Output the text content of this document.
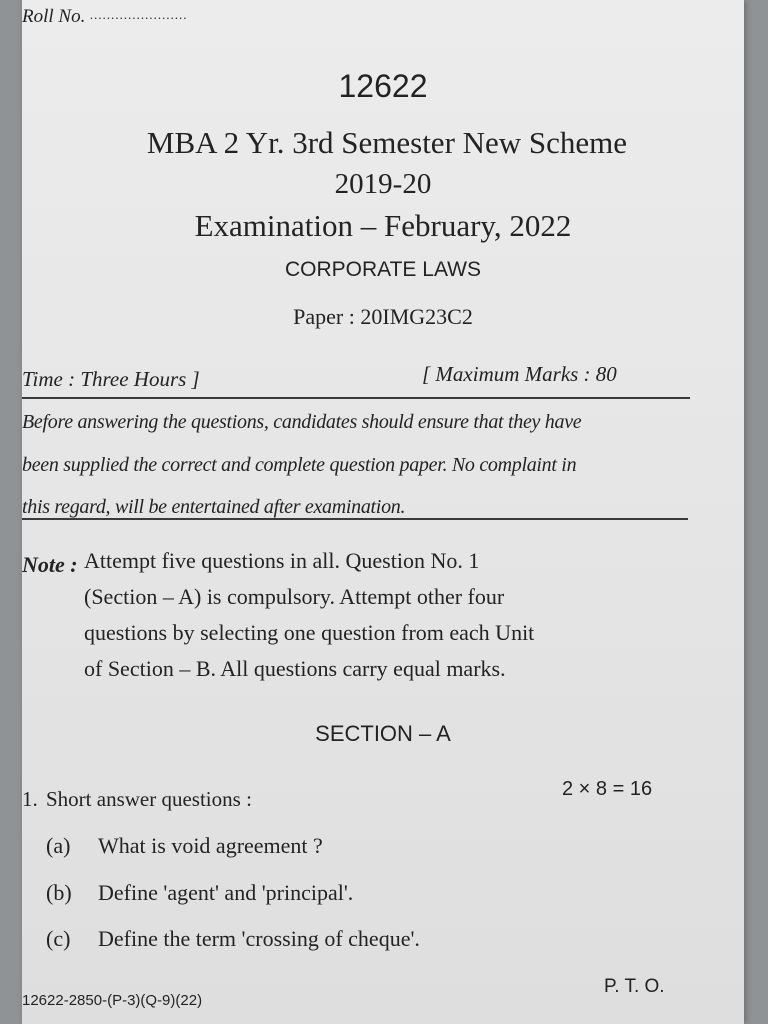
Roll No. .......................
12622
MBA 2 Yr. 3rd Semester New Scheme
2019-20
Examination – February, 2022
CORPORATE LAWS
Paper : 20IMG23C2
Time : Three Hours ]	[ Maximum Marks : 80
Before answering the questions, candidates should ensure that they have
been supplied the correct and complete question paper. No complaint in
this regard, will be entertained after examination.
Note : Attempt five questions in all. Question No. 1
(Section – A) is compulsory. Attempt other four
questions by selecting one question from each Unit
of Section – B. All questions carry equal marks.
SECTION – A
1. Short answer questions :	2 × 8 = 16
(a) What is void agreement ?
(b) Define 'agent' and 'principal'.
(c) Define the term 'crossing of cheque'.
12622-2850-(P-3)(Q-9)(22)
P. T. O.
